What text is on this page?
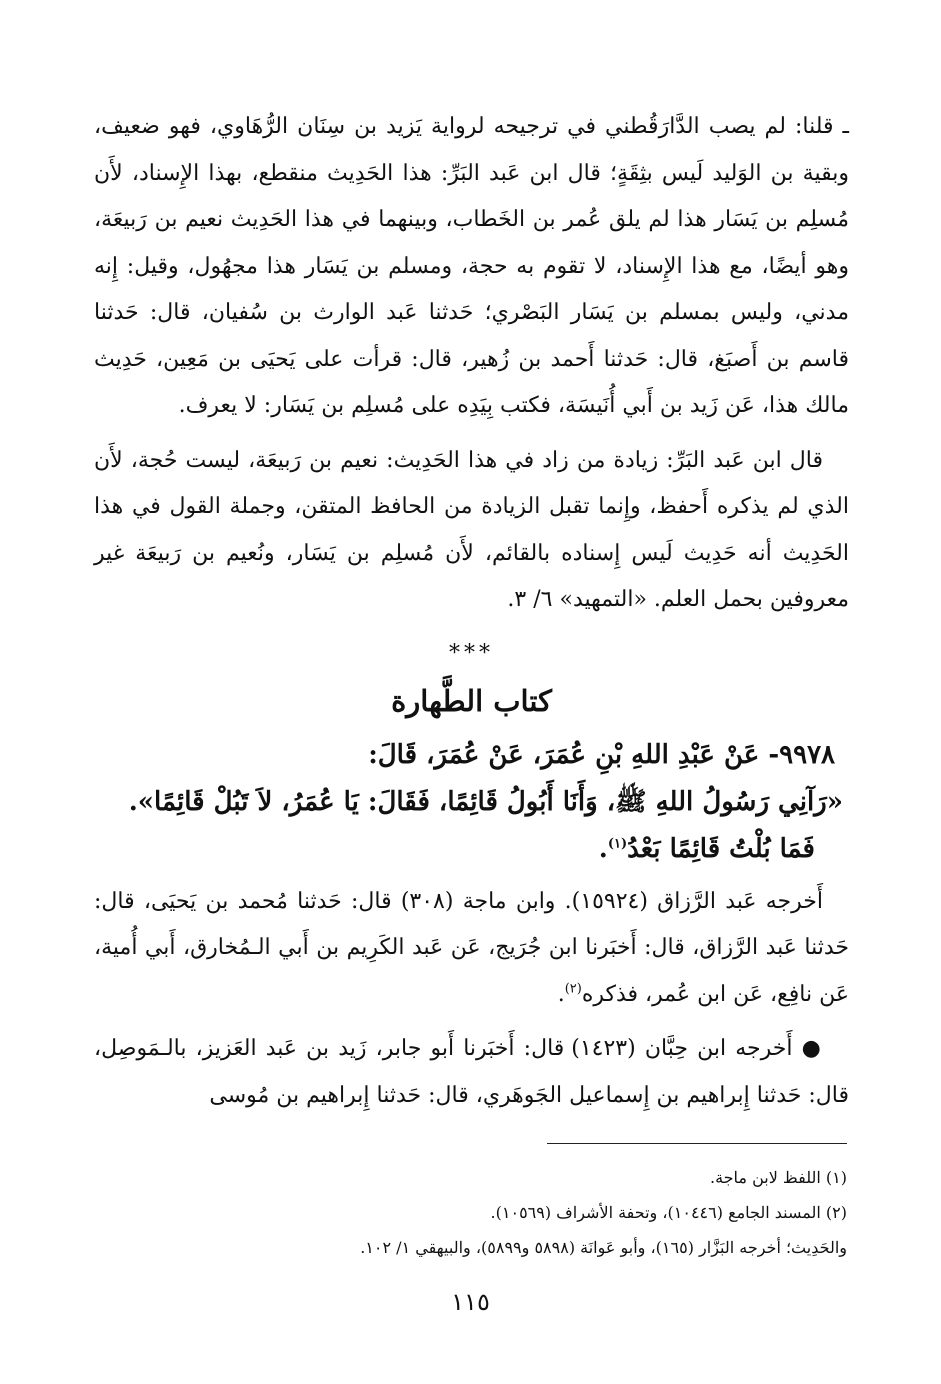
ـ قلنا: لم يصب الدَّارَقُطني في ترجيحه لرواية يَزيد بن سِنَان الرُّهَاوي، فهو ضعيف، وبقية بن الوَليد لَيس بثِقَةٍ؛ قال ابن عَبد البَرِّ: هذا الحَدِيث منقطع، بهذا الإِسناد، لأَن مُسلِم بن يَسَار هذا لم يلق عُمر بن الخَطاب، وبينهما في هذا الحَدِيث نعيم بن رَبيعَة، وهو أيضًا، مع هذا الإِسناد، لا تقوم به حجة، ومسلم بن يَسَار هذا مجهُول، وقيل: إِنه مدني، وليس بمسلم بن يَسَار البَصْري؛ حَدثنا عَبد الوارث بن سُفيان، قال: حَدثنا قاسم بن أَصبَغ، قال: حَدثنا أَحمد بن زُهير، قال: قرأت على يَحيَى بن مَعِين، حَدِيث مالك هذا، عَن زَيد بن أَبي أُنَيسَة، فكتب بِيَدِه على مُسلِم بن يَسَار: لا يعرف.

قال ابن عَبد البَرِّ: زيادة من زاد في هذا الحَدِيث: نعيم بن رَبيعَة، ليست حُجة، لأَن الذي لم يذكره أَحفظ، وإِنما تقبل الزيادة من الحافظ المتقن، وجملة القول في هذا الحَدِيث أنه حَدِيث لَيس إِسناده بالقائم، لأَن مُسلِم بن يَسَار، ونُعيم بن رَبيعَة غير معروفين بحمل العلم. «التمهيد» ٦/ ٣.

***
كتاب الطَّهارة

٩٩٧٨- عَنْ عَبْدِ اللهِ بْنِ عُمَرَ، عَنْ عُمَرَ، قَالَ:

«رَآنِي رَسُولُ اللهِ ﷺ، وَأَنَا أَبُولُ قَائِمًا، فَقَالَ: يَا عُمَرُ، لاَ تَبُلْ قَائِمًا».

فَمَا بُلْتُ قَائِمًا بَعْدُ$^{(١)}$.

أَخرجه عَبد الرَّزاق (١٥٩٢٤). وابن ماجة (٣٠٨) قال: حَدثنا مُحمد بن يَحيَى، قال: حَدثنا عَبد الرَّزاق، قال: أَخبَرنا ابن جُرَيج، عَن عَبد الكَرِيم بن أَبي الـمُخارق، أَبي أُمية، عَن نافِع، عَن ابن عُمر، فذكره$^{(٢)}$.

● أَخرجه ابن حِبَّان (١٤٢٣) قال: أَخبَرنا أَبو جابر، زَيد بن عَبد العَزيز، بالـمَوصِل، قال: حَدثنا إِبراهيم بن إِسماعيل الجَوهَري، قال: حَدثنا إِبراهيم بن مُوسى

(١) اللفظ لابن ماجة.
(٢) المسند الجامع (١٠٤٤٦)، وتحفة الأشراف (١٠٥٦٩).
والحَدِيث؛ أخرجه البَزَّار (١٦٥)، وأبو عَوانَة (٥٨٩٨ و٥٨٩٩)، والبيهقي ١/ ١٠٢.
١١٥
